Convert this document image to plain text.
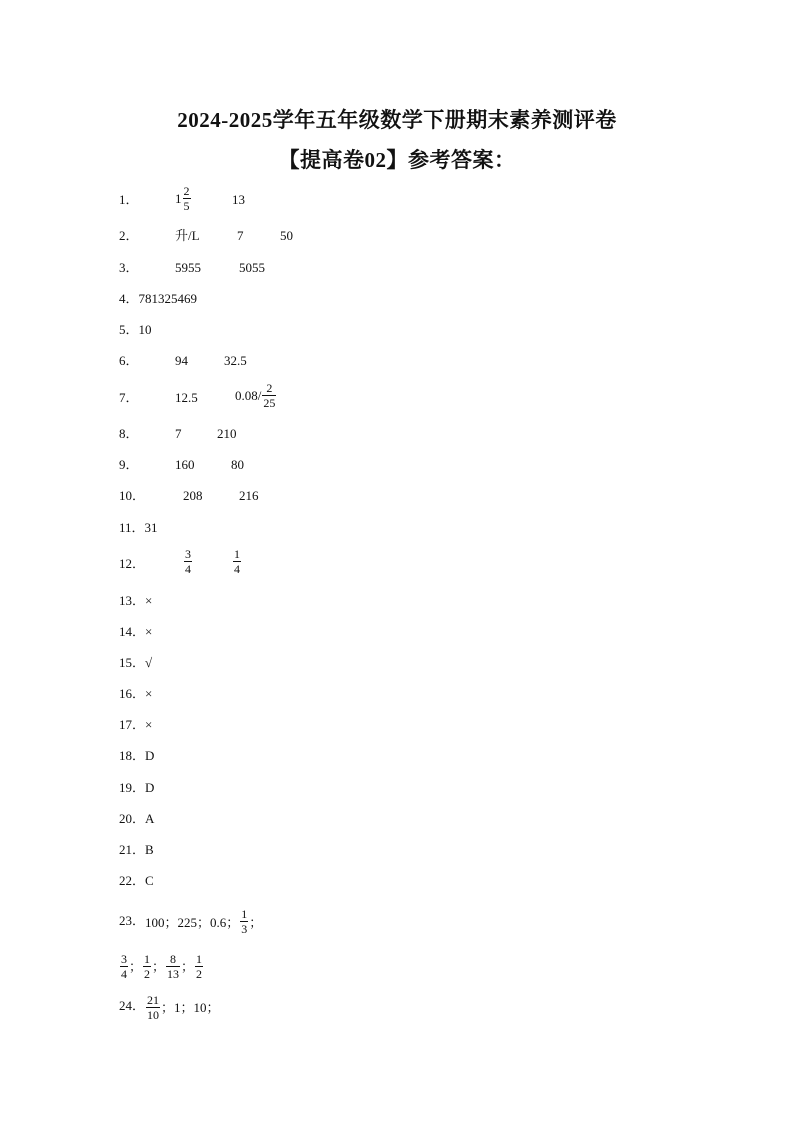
2024-2025学年五年级数学下册期末素养测评卷
【提高卷02】参考答案：
1．	$1 \frac{2}{5}$	13
2．	升/L	7	50
3．	5955	5055
4．781325469
5．10
6．	94	32.5
7．	12.5	$0.08/ \frac{2}{25}$
8．	7	210
9．	160	80
10．	208	216
11．31
12．	$\frac{3}{4}$	$\frac{1}{4}$
13．×
14．×
15．√
16．×
17．×
18．D
19．D
20．A
21．B
22．C
23．100；225；0.6； $\frac{1}{3}$ ；
$\frac{3}{4}$ ； $\frac{1}{2}$ ； $\frac{8}{13}$ ； $\frac{1}{2}$
24． $\frac{21}{10}$ ；1；10；
